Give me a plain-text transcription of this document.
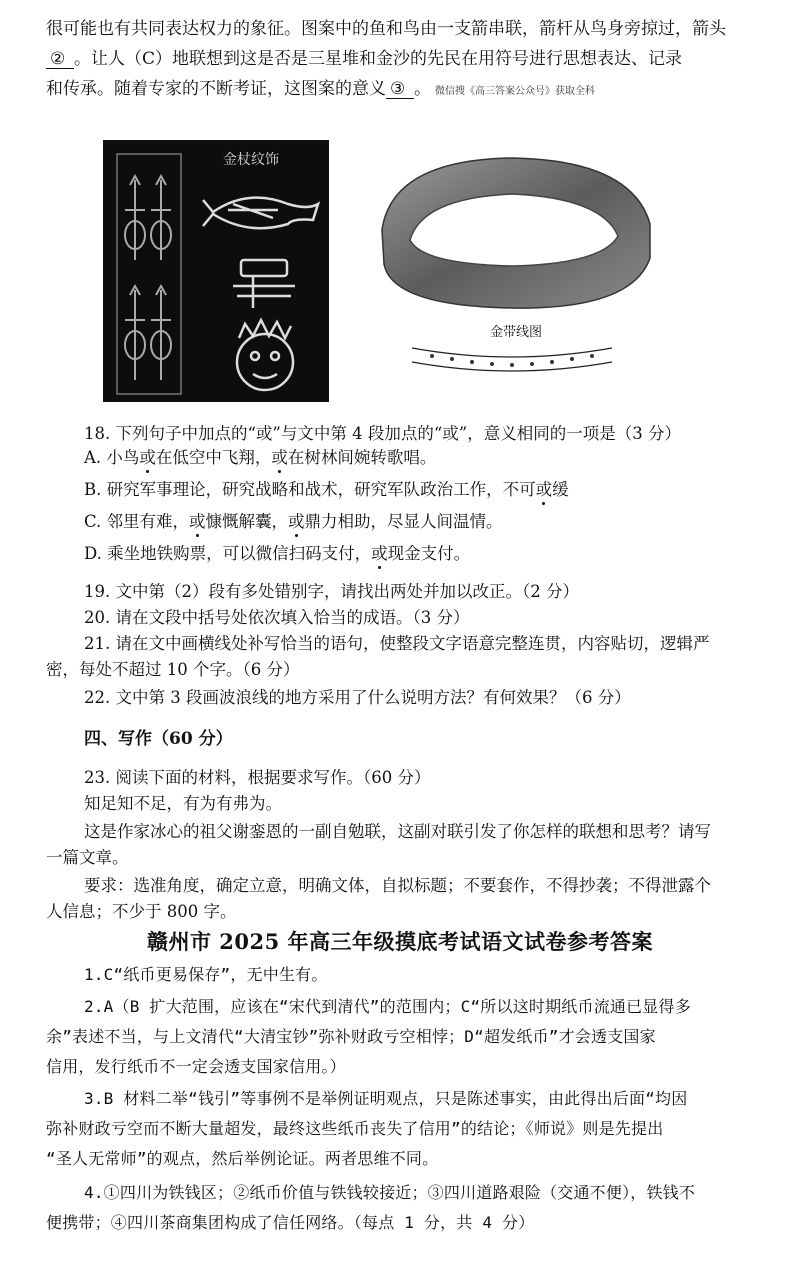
很可能也有共同表达权力的象征。图案中的鱼和鸟由一支箭串联，箭杆从鸟身旁掠过，箭头
② 。让人（C）地联想到这是否是三星堆和金沙的先民在用符号进行思想表达、记录
和传承。随着专家的不断考证，这图案的意义 ③ 。 微信搜《高三答案公众号》获取全科
金杖纹饰
金带线图
18. 下列句子中加点的“或”与文中第 4 段加点的“或”，意义相同的一项是（3 分）
A. 小鸟或在低空中飞翔，或在树林间婉转歌唱。
B. 研究军事理论，研究战略和战术，研究军队政治工作，不可或缓
C. 邻里有难，或慷慨解囊，或鼎力相助，尽显人间温情。
D. 乘坐地铁购票，可以微信扫码支付，或现金支付。
19. 文中第（2）段有多处错别字，请找出两处并加以改正。（2 分）
20. 请在文段中括号处依次填入恰当的成语。（3 分）
21. 请在文中画横线处补写恰当的语句，使整段文字语意完整连贯，内容贴切，逻辑严
密，每处不超过 10 个字。（6 分）
22. 文中第 3 段画波浪线的地方采用了什么说明方法？有何效果？（6 分）
四、写作（60 分）
23. 阅读下面的材料，根据要求写作。（60 分）
知足知不足，有为有弗为。
这是作家冰心的祖父谢銮恩的一副自勉联，这副对联引发了你怎样的联想和思考？请写
一篇文章。
要求：选准角度，确定立意，明确文体，自拟标题；不要套作，不得抄袭；不得泄露个
人信息；不少于 800 字。
赣州市 2025 年高三年级摸底考试语文试卷参考答案
1.C“纸币更易保存”，无中生有。
2.A（B 扩大范围，应该在“宋代到清代”的范围内；C“所以这时期纸币流通已显得多
余”表述不当，与上文清代“大清宝钞”弥补财政亏空相悖；D“超发纸币”才会透支国家
信用，发行纸币不一定会透支国家信用。）
3.B 材料二举“钱引”等事例不是举例证明观点，只是陈述事实，由此得出后面“均因
弥补财政亏空而不断大量超发，最终这些纸币丧失了信用”的结论；《师说》则是先提出
“圣人无常师”的观点，然后举例论证。两者思维不同。
4.①四川为铁钱区；②纸币价值与铁钱较接近；③四川道路艰险（交通不便），铁钱不
便携带；④四川茶商集团构成了信任网络。（每点 1 分，共 4 分）
